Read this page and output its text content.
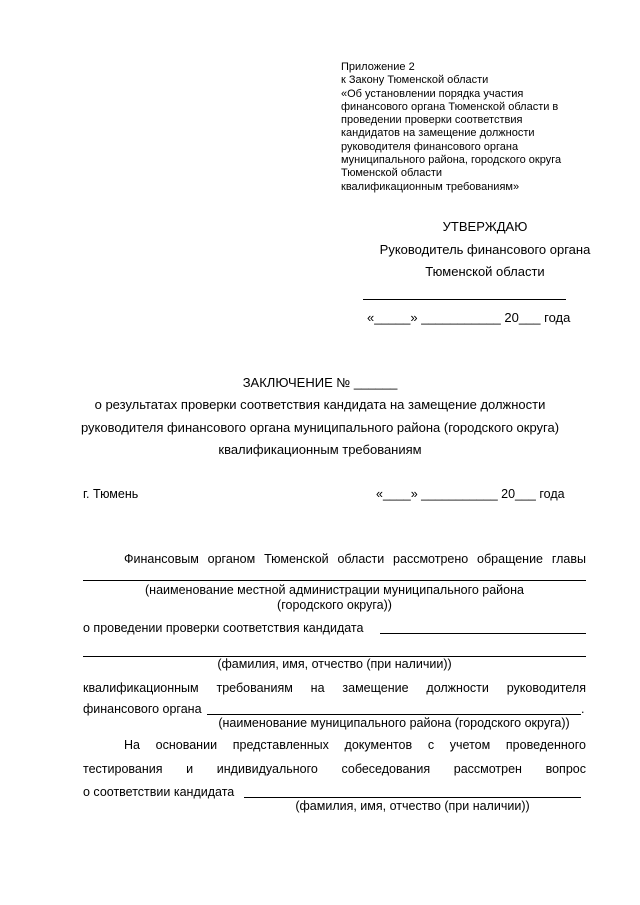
Приложение 2
к Закону Тюменской области
«Об установлении порядка участия
финансового органа Тюменской области в
проведении проверки соответствия
кандидатов на замещение должности
руководителя финансового органа
муниципального района, городского округа
Тюменской области
квалификационным требованиям»
УТВЕРЖДАЮ
Руководитель финансового органа
Тюменской области
«_____» ___________ 20___ года
ЗАКЛЮЧЕНИЕ № ______
о результатах проверки соответствия кандидата на замещение должности
руководителя финансового органа муниципального района (городского округа)
квалификационным требованиям
г. Тюмень	«____» ___________ 20___ года
Финансовым органом Тюменской области рассмотрено обращение главы
(наименование местной администрации муниципального района
(городского округа))
о проведении проверки соответствия кандидата
(фамилия, имя, отчество (при наличии))
квалификационным требованиям на замещение должности руководителя
финансового органа	.
(наименование муниципального района (городского округа))
На основании представленных документов с учетом проведенного
тестирования и индивидуального собеседования рассмотрен вопрос
о соответствии кандидата
(фамилия, имя, отчество (при наличии))
